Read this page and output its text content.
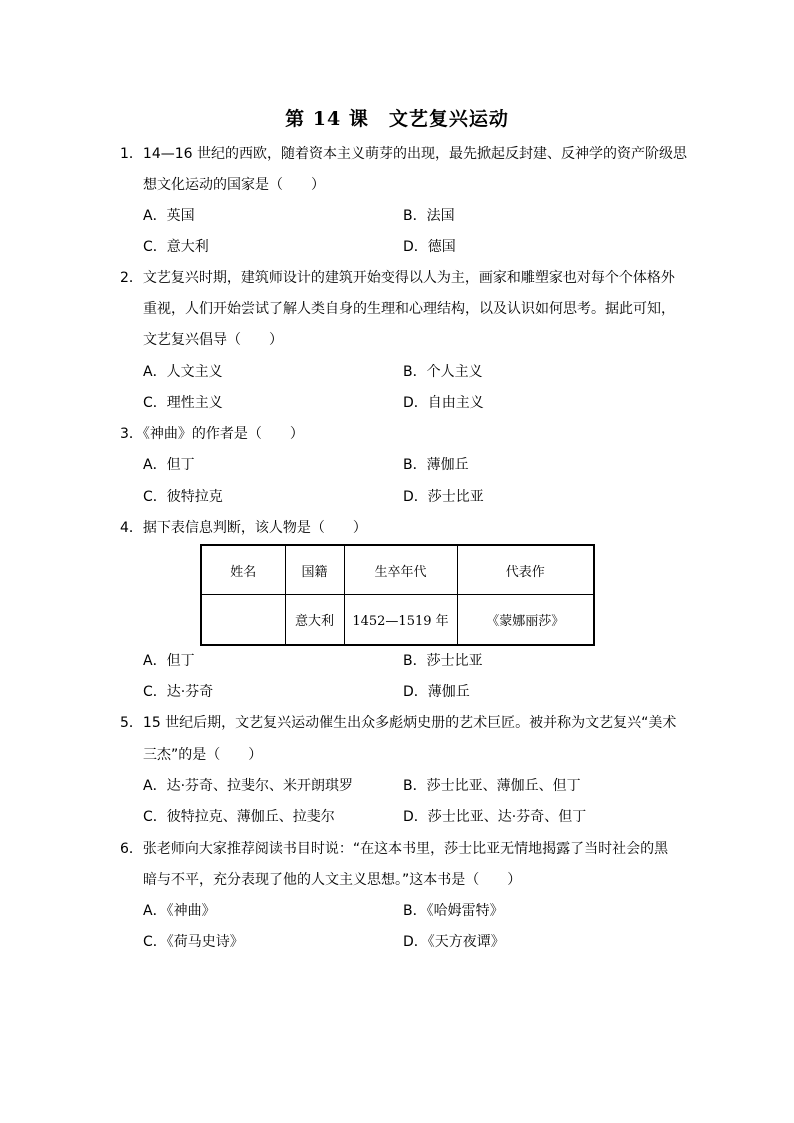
第 14 课　文艺复兴运动
1．14—16 世纪的西欧，随着资本主义萌芽的出现，最先掀起反封建、反神学的资产阶级思
想文化运动的国家是（　　）
A．英国	B．法国
C．意大利	D．德国
2．文艺复兴时期，建筑师设计的建筑开始变得以人为主，画家和雕塑家也对每个个体格外
重视，人们开始尝试了解人类自身的生理和心理结构，以及认识如何思考。据此可知，
文艺复兴倡导（　　）
A．人文主义	B．个人主义
C．理性主义	D．自由主义
3．《神曲》的作者是（　　）
A．但丁	B．薄伽丘
C．彼特拉克	D．莎士比亚
4．据下表信息判断，该人物是（　　）
姓名	国籍	生卒年代	代表作
	意大利	1452—1519 年	《蒙娜丽莎》
A．但丁	B．莎士比亚
C．达·芬奇	D．薄伽丘
5．15 世纪后期，文艺复兴运动催生出众多彪炳史册的艺术巨匠。被并称为文艺复兴“美术
三杰”的是（　　）
A．达·芬奇、拉斐尔、米开朗琪罗	B．莎士比亚、薄伽丘、但丁
C．彼特拉克、薄伽丘、拉斐尔	D．莎士比亚、达·芬奇、但丁
6．张老师向大家推荐阅读书目时说：“在这本书里，莎士比亚无情地揭露了当时社会的黑
暗与不平，充分表现了他的人文主义思想。”这本书是（　　）
A．《神曲》	B．《哈姆雷特》
C．《荷马史诗》	D．《天方夜谭》
